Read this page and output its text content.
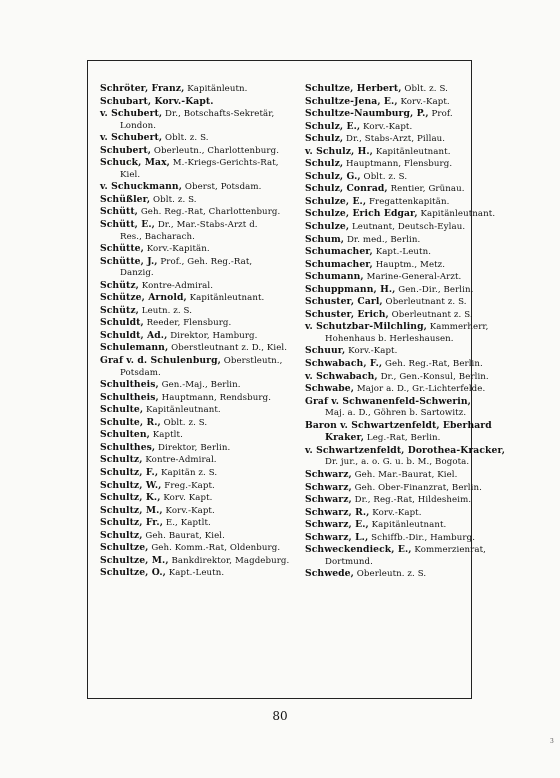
Schröter, Franz, Kapitänleutn.
Schubart, Korv.-Kapt.
v. Schubert, Dr., Botschafts-Sekretär,
London.
v. Schubert, Oblt. z. S.
Schubert, Oberleutn., Charlottenburg.
Schuck, Max, M.-Kriegs-Gerichts-Rat,
Kiel.
v. Schuckmann, Oberst, Potsdam.
Schüßler, Oblt. z. S.
Schütt, Geh. Reg.-Rat, Charlottenburg.
Schütt, E., Dr., Mar.-Stabs-Arzt d.
Res., Bacharach.
Schütte, Korv.-Kapitän.
Schütte, J., Prof., Geh. Reg.-Rat,
Danzig.
Schütz, Kontre-Admiral.
Schütze, Arnold, Kapitänleutnant.
Schütz, Leutn. z. S.
Schuldt, Reeder, Flensburg.
Schuldt, Ad., Direktor, Hamburg.
Schulemann, Oberstleutnant z. D., Kiel.
Graf v. d. Schulenburg, Oberstleutn.,
Potsdam.
Schultheis, Gen.-Maj., Berlin.
Schultheis, Hauptmann, Rendsburg.
Schulte, Kapitänleutnant.
Schulte, R., Oblt. z. S.
Schulten, Kaptlt.
Schulthes, Direktor, Berlin.
Schultz, Kontre-Admiral.
Schultz, F., Kapitän z. S.
Schultz, W., Freg.-Kapt.
Schultz, K., Korv. Kapt.
Schultz, M., Korv.-Kapt.
Schultz, Fr., E., Kaptlt.
Schultz, Geh. Baurat, Kiel.
Schultze, Geh. Komm.-Rat, Oldenburg.
Schultze, M., Bankdirektor, Magdeburg.
Schultze, O., Kapt.-Leutn.
Schultze, Herbert, Oblt. z. S.
Schultze-Jena, E., Korv.-Kapt.
Schultze-Naumburg, P., Prof.
Schulz, E., Korv.-Kapt.
Schulz, Dr., Stabs-Arzt, Pillau.
v. Schulz, H., Kapitänleutnant.
Schulz, Hauptmann, Flensburg.
Schulz, G., Oblt. z. S.
Schulz, Conrad, Rentier, Grünau.
Schulze, E., Fregattenkapitän.
Schulze, Erich Edgar, Kapitänleutnant.
Schulze, Leutnant, Deutsch-Eylau.
Schum, Dr. med., Berlin.
Schumacher, Kapt.-Leutn.
Schumacher, Hauptm., Metz.
Schumann, Marine-General-Arzt.
Schuppmann, H., Gen.-Dir., Berlin.
Schuster, Carl, Oberleutnant z. S.
Schuster, Erich, Oberleutnant z. S.
v. Schutzbar-Milchling, Kammerherr,
Hohenhaus b. Herleshausen.
Schuur, Korv.-Kapt.
Schwabach, F., Geh. Reg.-Rat, Berlin.
v. Schwabach, Dr., Gen.-Konsul, Berlin.
Schwabe, Major a. D., Gr.-Lichterfelde.
Graf v. Schwanenfeld-Schwerin,
Maj. a. D., Göhren b. Sartowitz.
Baron v. Schwartzenfeldt, Eberhard
Kraker, Leg.-Rat, Berlin.
v. Schwartzenfeldt, Dorothea-Kracker,
Dr. jur., a. o. G. u. b. M., Bogota.
Schwarz, Geh. Mar.-Baurat, Kiel.
Schwarz, Geh. Ober-Finanzrat, Berlin.
Schwarz, Dr., Reg.-Rat, Hildesheim.
Schwarz, R., Korv.-Kapt.
Schwarz, E., Kapitänleutnant.
Schwarz, L., Schiffb.-Dir., Hamburg.
Schweckendieck, E., Kommerzienrat,
Dortmund.
Schwede, Oberleutn. z. S.
80
3
